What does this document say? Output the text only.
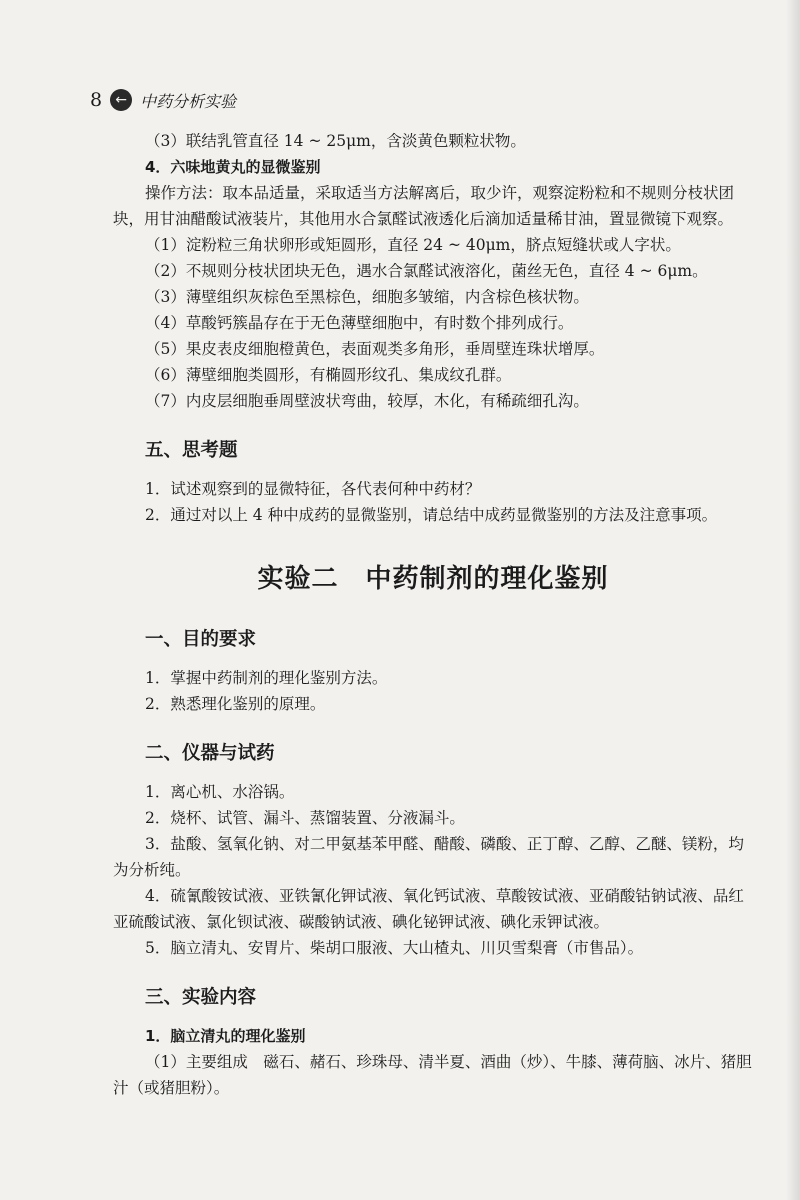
8 ← 中药分析实验

（3）联结乳管直径 14 ~ 25μm，含淡黄色颗粒状物。

4．六味地黄丸的显微鉴别

操作方法：取本品适量，采取适当方法解离后，取少许，观察淀粉粒和不规则分枝状团块，用甘油醋酸试液装片，其他用水合氯醛试液透化后滴加适量稀甘油，置显微镜下观察。

（1）淀粉粒三角状卵形或矩圆形，直径 24 ~ 40μm，脐点短缝状或人字状。

（2）不规则分枝状团块无色，遇水合氯醛试液溶化，菌丝无色，直径 4 ~ 6μm。

（3）薄壁组织灰棕色至黑棕色，细胞多皱缩，内含棕色核状物。

（4）草酸钙簇晶存在于无色薄壁细胞中，有时数个排列成行。

（5）果皮表皮细胞橙黄色，表面观类多角形，垂周壁连珠状增厚。

（6）薄壁细胞类圆形，有椭圆形纹孔、集成纹孔群。

（7）内皮层细胞垂周壁波状弯曲，较厚，木化，有稀疏细孔沟。

五、思考题

1．试述观察到的显微特征，各代表何种中药材？

2．通过对以上 4 种中成药的显微鉴别，请总结中成药显微鉴别的方法及注意事项。

实验二　中药制剂的理化鉴别
一、目的要求

1．掌握中药制剂的理化鉴别方法。

2．熟悉理化鉴别的原理。

二、仪器与试药

1．离心机、水浴锅。

2．烧杯、试管、漏斗、蒸馏装置、分液漏斗。

3．盐酸、氢氧化钠、对二甲氨基苯甲醛、醋酸、磷酸、正丁醇、乙醇、乙醚、镁粉，均为分析纯。

4．硫氰酸铵试液、亚铁氰化钾试液、氧化钙试液、草酸铵试液、亚硝酸钴钠试液、品红亚硫酸试液、氯化钡试液、碳酸钠试液、碘化铋钾试液、碘化汞钾试液。

5．脑立清丸、安胃片、柴胡口服液、大山楂丸、川贝雪梨膏（市售品）。

三、实验内容

1．脑立清丸的理化鉴别

（1）主要组成　磁石、赭石、珍珠母、清半夏、酒曲（炒）、牛膝、薄荷脑、冰片、猪胆汁（或猪胆粉）。
